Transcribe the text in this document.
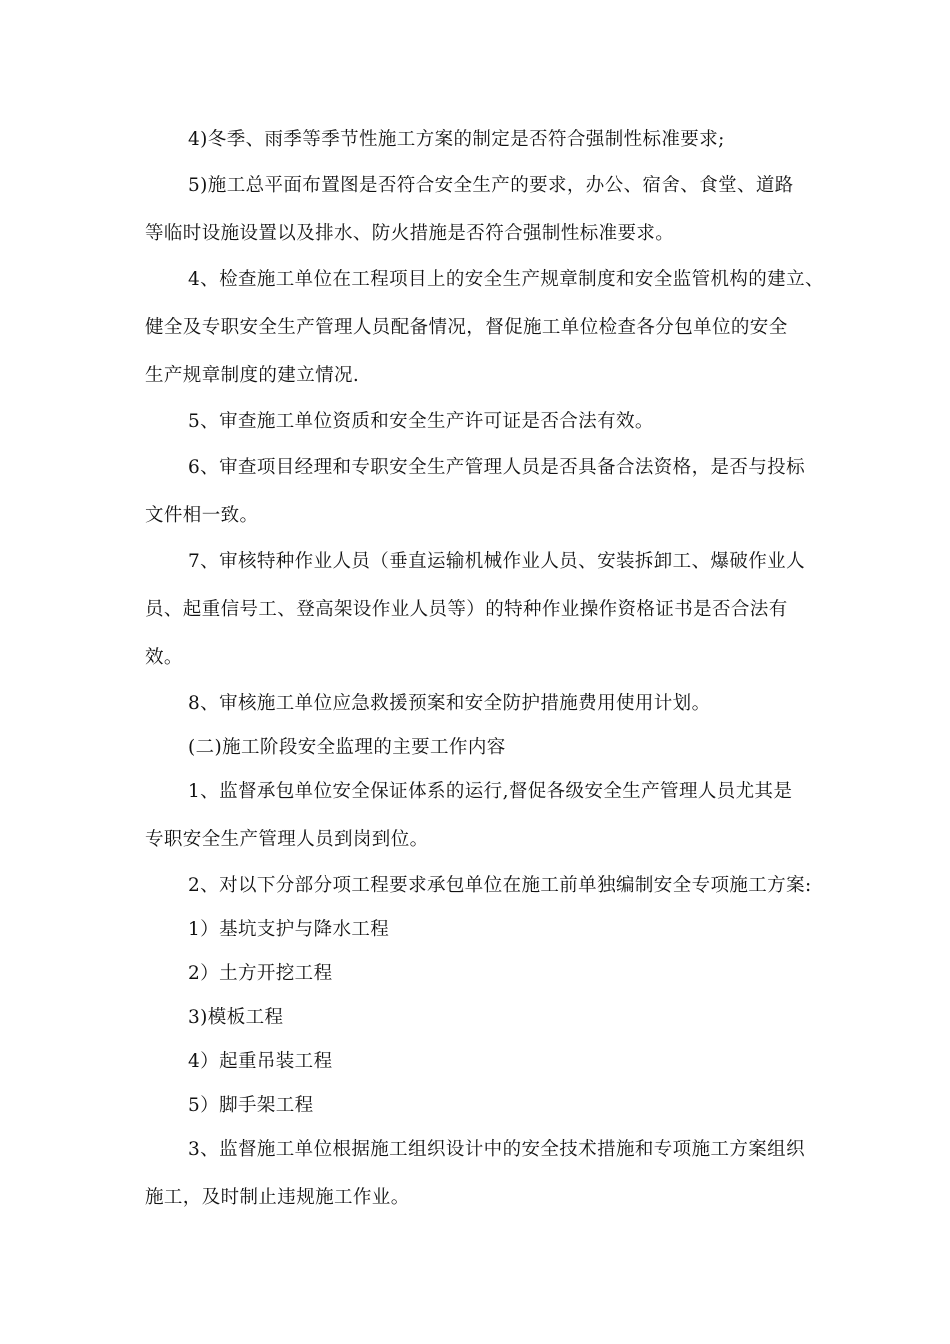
4)冬季、雨季等季节性施工方案的制定是否符合强制性标准要求;
5)施工总平面布置图是否符合安全生产的要求，办公、宿舍、食堂、道路
等临时设施设置以及排水、防火措施是否符合强制性标准要求。
4、检查施工单位在工程项目上的安全生产规章制度和安全监管机构的建立、
健全及专职安全生产管理人员配备情况，督促施工单位检查各分包单位的安全
生产规章制度的建立情况.
5、审查施工单位资质和安全生产许可证是否合法有效。
6、审查项目经理和专职安全生产管理人员是否具备合法资格，是否与投标
文件相一致。
7、审核特种作业人员（垂直运输机械作业人员、安装拆卸工、爆破作业人
员、起重信号工、登高架设作业人员等）的特种作业操作资格证书是否合法有
效。
8、审核施工单位应急救援预案和安全防护措施费用使用计划。
(二)施工阶段安全监理的主要工作内容
1、监督承包单位安全保证体系的运行,督促各级安全生产管理人员尤其是
专职安全生产管理人员到岗到位。
2、对以下分部分项工程要求承包单位在施工前单独编制安全专项施工方案:
1）基坑支护与降水工程
2）土方开挖工程
3)模板工程
4）起重吊装工程
5）脚手架工程
3、监督施工单位根据施工组织设计中的安全技术措施和专项施工方案组织
施工，及时制止违规施工作业。
